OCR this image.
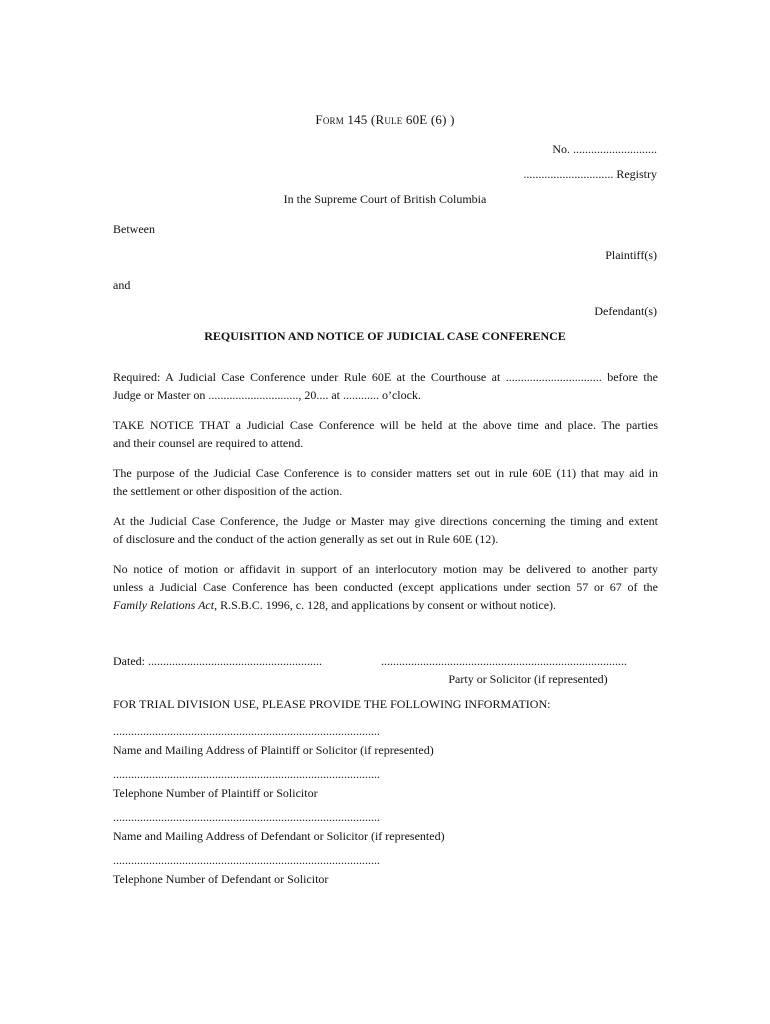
Form 145 (Rule 60E (6) )
No. ............................
.............................. Registry
In the Supreme Court of British Columbia
Between
Plaintiff(s)
and
Defendant(s)
REQUISITION AND NOTICE OF JUDICIAL CASE CONFERENCE
Required: A Judicial Case Conference under Rule 60E at the Courthouse at ................................ before the
Judge or Master on .............................., 20.... at ............ o’clock.
TAKE NOTICE THAT a Judicial Case Conference will be held at the above time and place. The parties
and their counsel are required to attend.
The purpose of the Judicial Case Conference is to consider matters set out in rule 60E (11) that may aid in
the settlement or other disposition of the action.
At the Judicial Case Conference, the Judge or Master may give directions concerning the timing and extent
of disclosure and the conduct of the action generally as set out in Rule 60E (12).
No notice of motion or affidavit in support of an interlocutory motion may be delivered to another party
unless a Judicial Case Conference has been conducted (except applications under section 57 or 67 of the
Family Relations Act, R.S.B.C. 1996, c. 128, and applications by consent or without notice).
Dated: ..........................................................	..................................................................................
Party or Solicitor (if represented)
FOR TRIAL DIVISION USE, PLEASE PROVIDE THE FOLLOWING INFORMATION:
.........................................................................................
Name and Mailing Address of Plaintiff or Solicitor (if represented)
.........................................................................................
Telephone Number of Plaintiff or Solicitor
.........................................................................................
Name and Mailing Address of Defendant or Solicitor (if represented)
.........................................................................................
Telephone Number of Defendant or Solicitor
